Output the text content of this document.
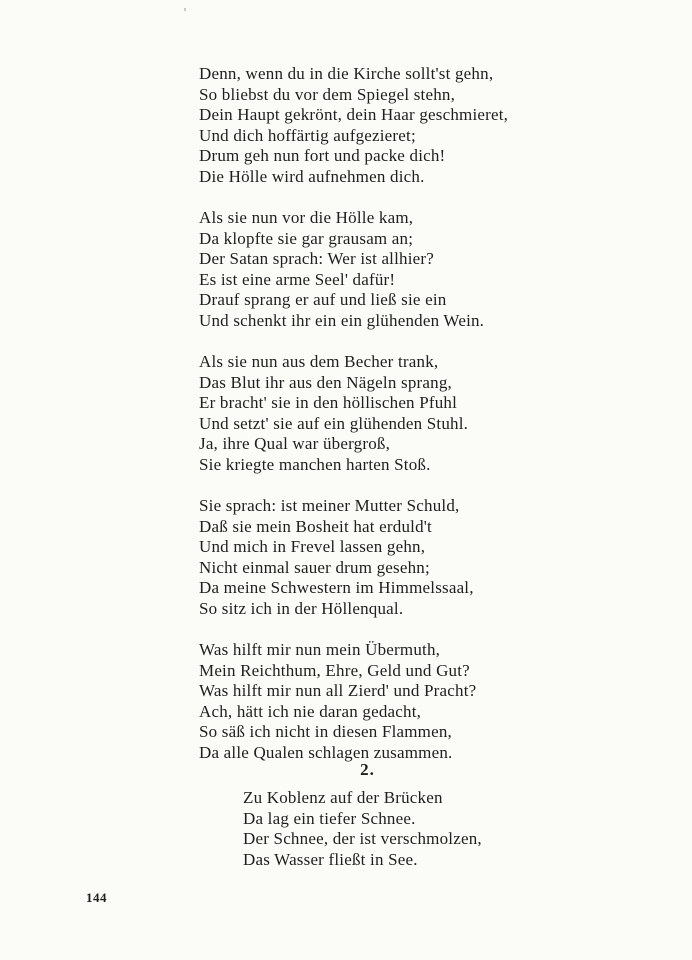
Denn, wenn du in die Kirche sollt'st gehn,
So bliebst du vor dem Spiegel stehn,
Dein Haupt gekrönt, dein Haar geschmieret,
Und dich hoffärtig aufgezieret;
Drum geh nun fort und packe dich!
Die Hölle wird aufnehmen dich.
Als sie nun vor die Hölle kam,
Da klopfte sie gar grausam an;
Der Satan sprach: Wer ist allhier?
Es ist eine arme Seel' dafür!
Drauf sprang er auf und ließ sie ein
Und schenkt ihr ein ein glühenden Wein.
Als sie nun aus dem Becher trank,
Das Blut ihr aus den Nägeln sprang,
Er bracht' sie in den höllischen Pfuhl
Und setzt' sie auf ein glühenden Stuhl.
Ja, ihre Qual war übergroß,
Sie kriegte manchen harten Stoß.
Sie sprach: ist meiner Mutter Schuld,
Daß sie mein Bosheit hat erduld't
Und mich in Frevel lassen gehn,
Nicht einmal sauer drum gesehn;
Da meine Schwestern im Himmelssaal,
So sitz ich in der Höllenqual.
Was hilft mir nun mein Übermuth,
Mein Reichthum, Ehre, Geld und Gut?
Was hilft mir nun all Zierd' und Pracht?
Ach, hätt ich nie daran gedacht,
So säß ich nicht in diesen Flammen,
Da alle Qualen schlagen zusammen.
2.
Zu Koblenz auf der Brücken
Da lag ein tiefer Schnee.
Der Schnee, der ist verschmolzen,
Das Wasser fließt in See.
144
